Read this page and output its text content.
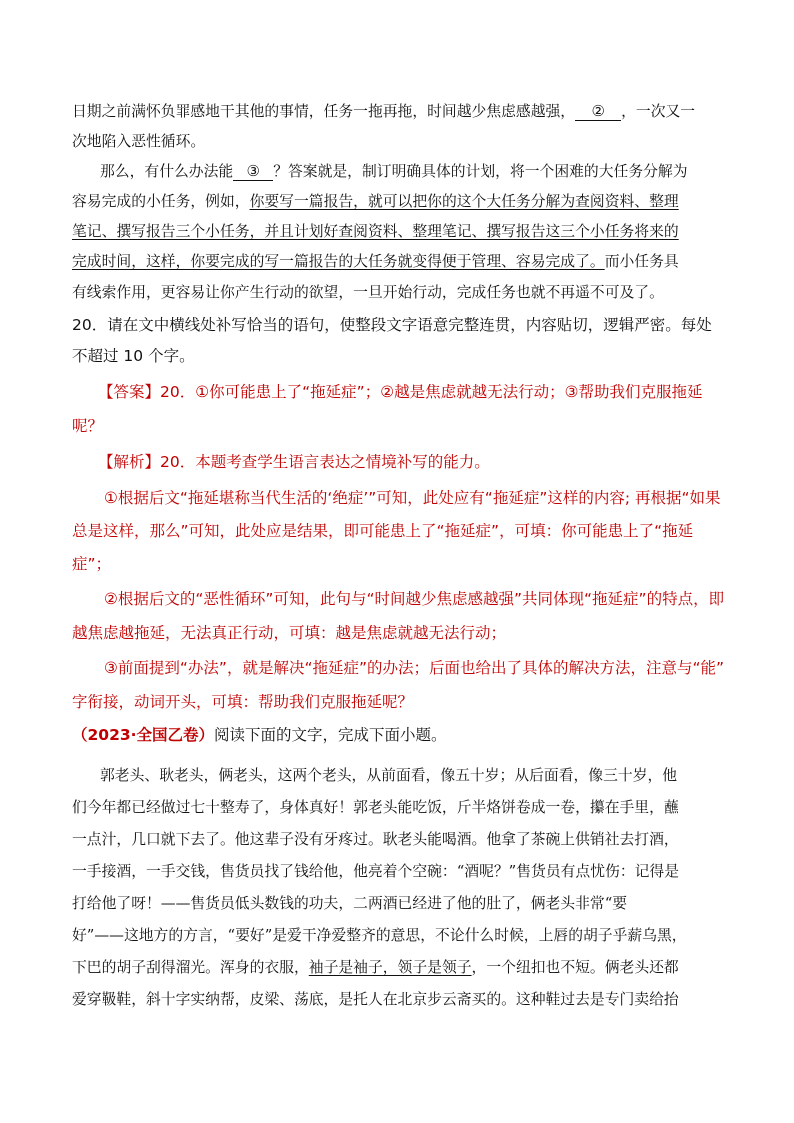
日期之前满怀负罪感地干其他的事情，任务一拖再拖，时间越少焦虑感越强， ② ，一次又一
次地陷入恶性循环。
那么，有什么办法能 ③ ？答案就是，制订明确具体的计划，将一个困难的大任务分解为
容易完成的小任务，例如，你要写一篇报告，就可以把你的这个大任务分解为查阅资料、整理
笔记、撰写报告三个小任务，并且计划好查阅资料、整理笔记、撰写报告这三个小任务将来的
完成时间，这样，你要完成的写一篇报告的大任务就变得便于管理、容易完成了。而小任务具
有线索作用，更容易让你产生行动的欲望，一旦开始行动，完成任务也就不再遥不可及了。
20．请在文中横线处补写恰当的语句，使整段文字语意完整连贯，内容贴切，逻辑严密。每处
不超过 10 个字。
【答案】20．①你可能患上了“拖延症”；②越是焦虑就越无法行动；③帮助我们克服拖延
呢？
【解析】20．本题考查学生语言表达之情境补写的能力。
①根据后文“拖延堪称当代生活的‘绝症’”可知，此处应有“拖延症”这样的内容; 再根据“如果
总是这样，那么”可知，此处应是结果，即可能患上了“拖延症”，可填：你可能患上了“拖延
症”；
②根据后文的“恶性循环”可知，此句与“时间越少焦虑感越强”共同体现“拖延症”的特点，即
越焦虑越拖延，无法真正行动，可填：越是焦虑就越无法行动；
③前面提到“办法”，就是解决“拖延症”的办法；后面也给出了具体的解决方法，注意与“能”
字衔接，动词开头，可填：帮助我们克服拖延呢？
（2023·全国乙卷）阅读下面的文字，完成下面小题。
郭老头、耿老头，俩老头，这两个老头，从前面看，像五十岁；从后面看，像三十岁，他
们今年都已经做过七十整寿了，身体真好！郭老头能吃饭，斤半烙饼卷成一卷，攥在手里，蘸
一点汁，几口就下去了。他这辈子没有牙疼过。耿老头能喝酒。他拿了茶碗上供销社去打酒，
一手接酒，一手交钱，售货员找了钱给他，他亮着个空碗：“酒呢？”售货员有点忧伤：记得是
打给他了呀！——售货员低头数钱的功夫，二两酒已经进了他的肚了，俩老头非常“要
好”——这地方的方言，“要好”是爱干净爱整齐的意思，不论什么时候，上唇的胡子乎薪乌黑，
下巴的胡子刮得溜光。浑身的衣服，袖子是袖子，领子是领子，一个纽扣也不短。俩老头还都
爱穿靸鞋，斜十字实纳帮，皮梁、荡底，是托人在北京步云斋买的。这种鞋过去是专门卖给抬
